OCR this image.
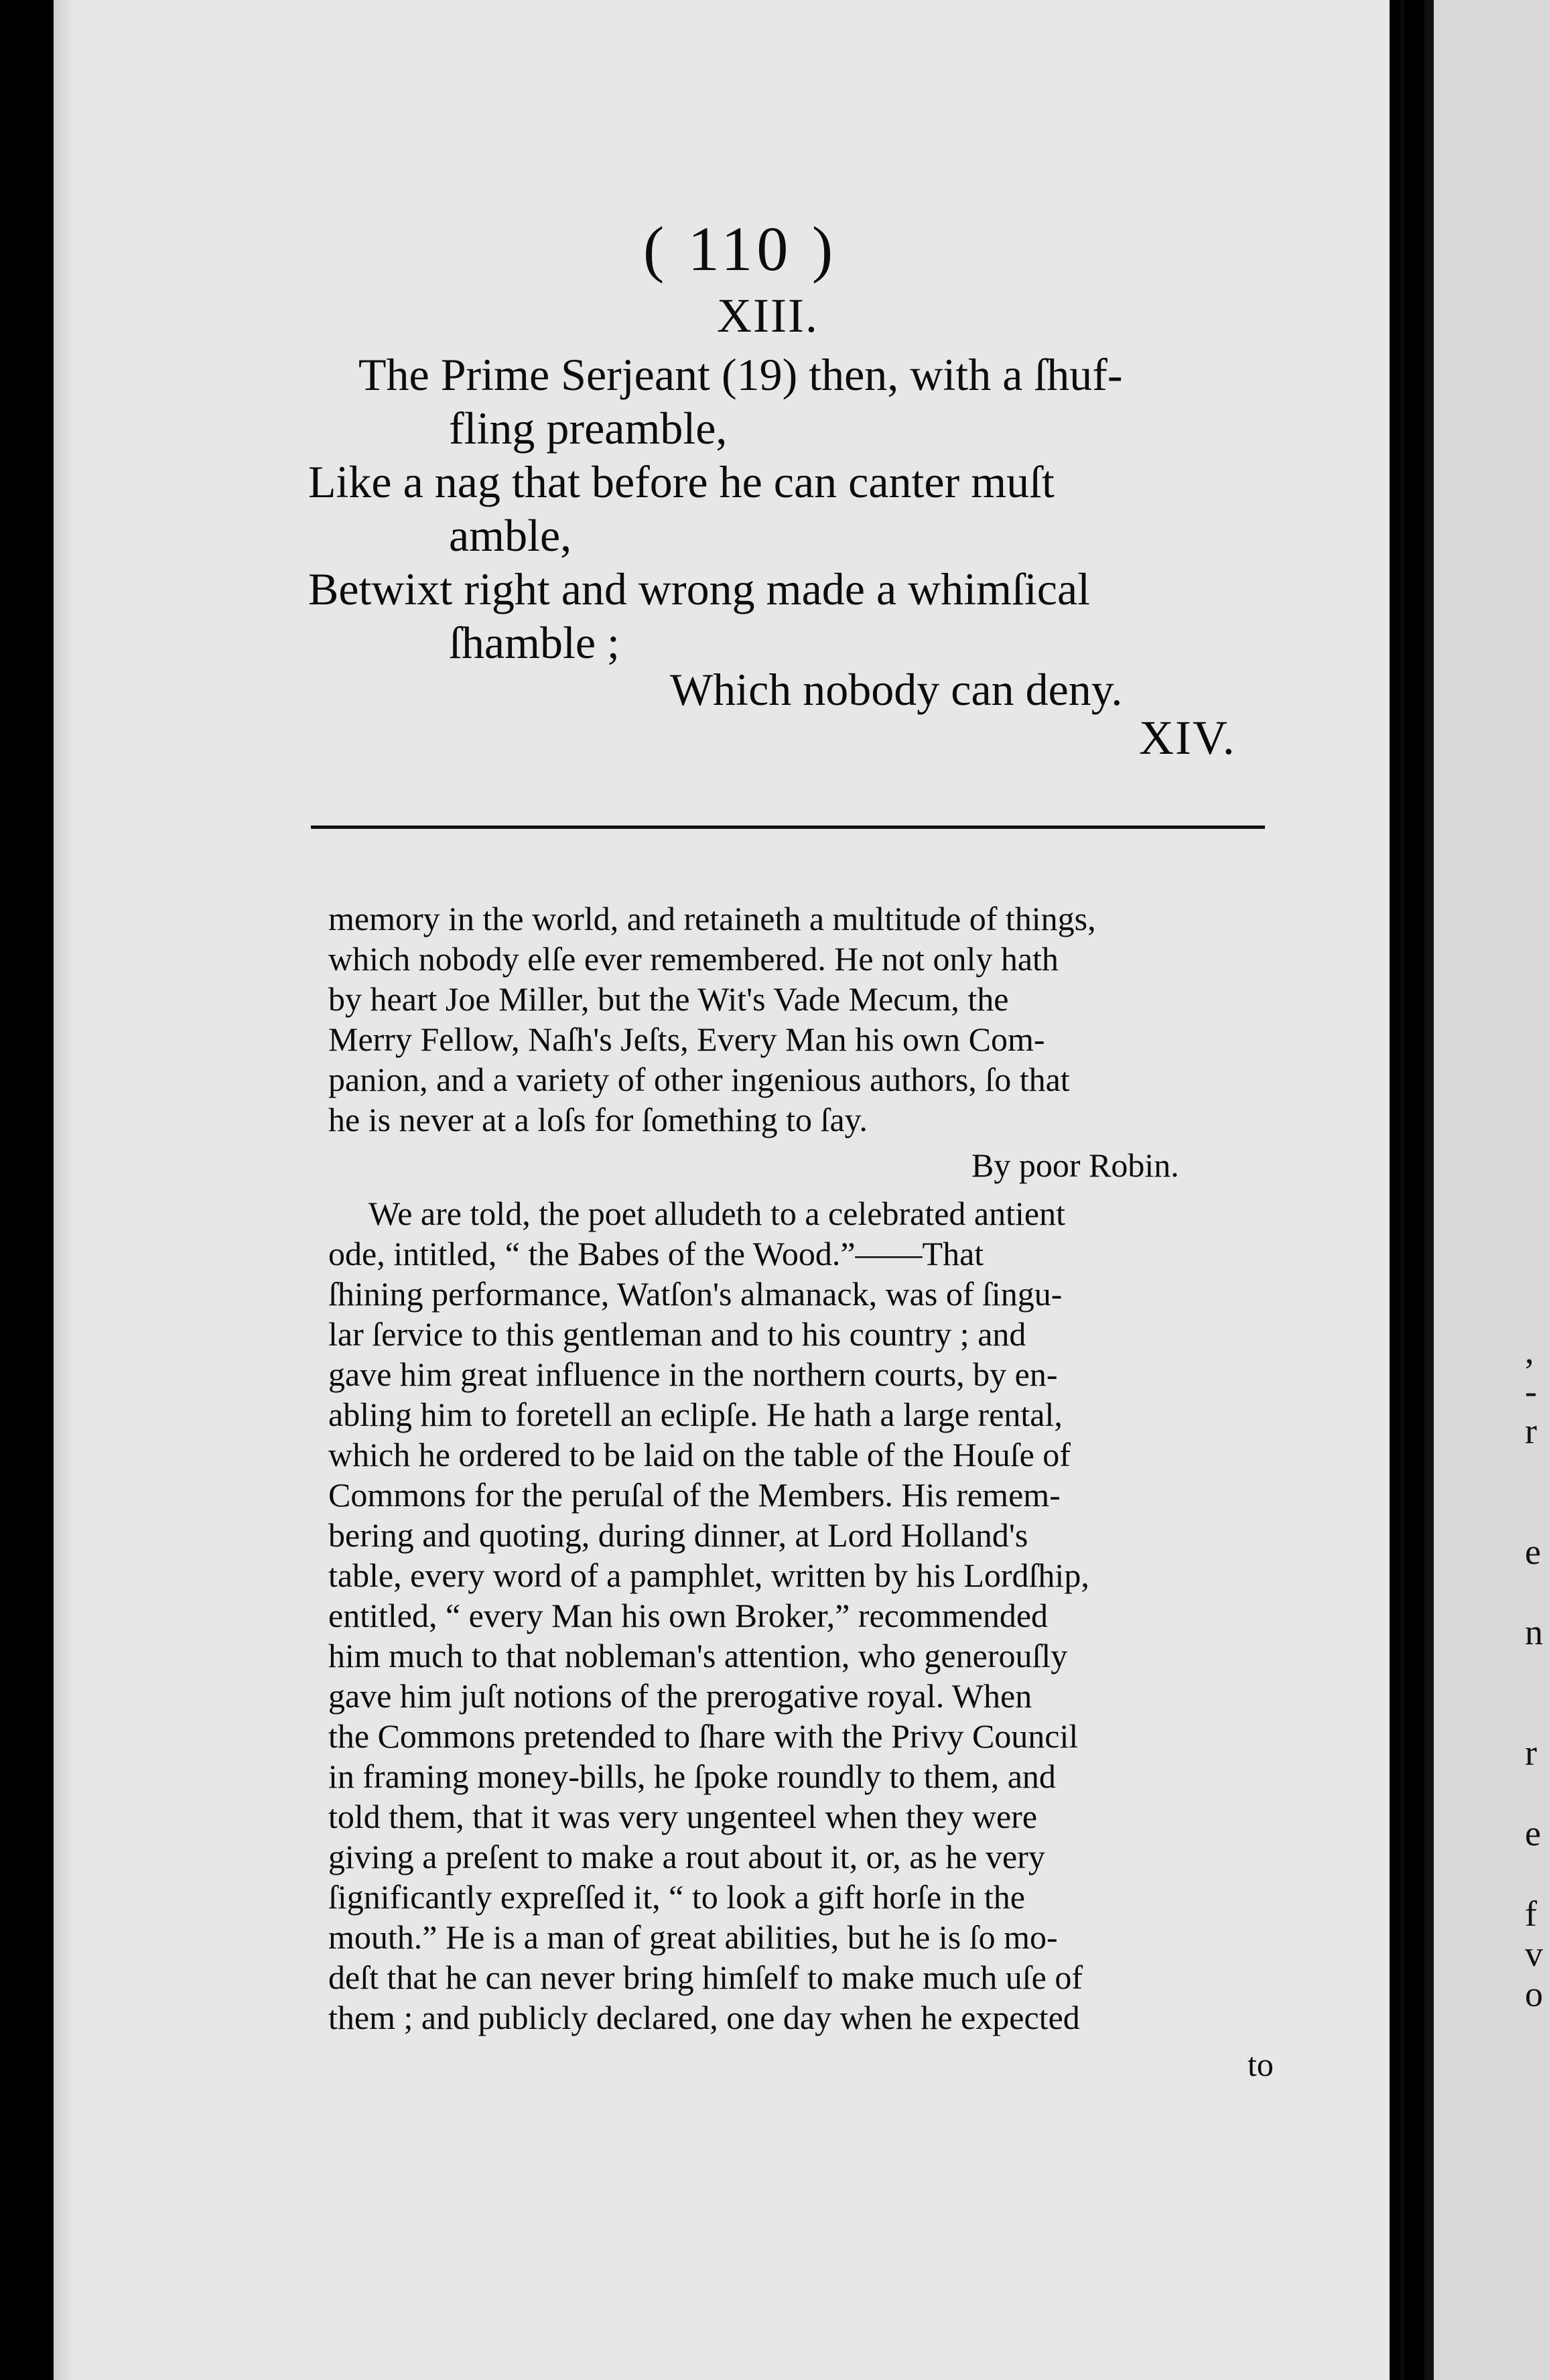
,
-
r
e
n
r
e
f
v
o
( 110 )
XIII.
The Prime Serjeant (19) then, with a ſhuf-
fling preamble,
Like a nag that before he can canter muſt
amble,
Betwixt right and wrong made a whimſical
ſhamble ;
Which nobody can deny.
XIV.
memory in the world, and retaineth a multitude of things,
which nobody elſe ever remembered. He not only hath
by heart Joe Miller, but the Wit's Vade Mecum, the
Merry Fellow, Naſh's Jeſts, Every Man his own Com-
panion, and a variety of other ingenious authors, ſo that
he is never at a loſs for ſomething to ſay.
By poor Robin.
We are told, the poet alludeth to a celebrated antient
ode, intitled, “ the Babes of the Wood.”——That
ſhining performance, Watſon's almanack, was of ſingu-
lar ſervice to this gentleman and to his country ; and
gave him great influence in the northern courts, by en-
abling him to foretell an eclipſe. He hath a large rental,
which he ordered to be laid on the table of the Houſe of
Commons for the peruſal of the Members. His remem-
bering and quoting, during dinner, at Lord Holland's
table, every word of a pamphlet, written by his Lordſhip,
entitled, “ every Man his own Broker,” recommended
him much to that nobleman's attention, who generouſly
gave him juſt notions of the prerogative royal. When
the Commons pretended to ſhare with the Privy Council
in framing money-bills, he ſpoke roundly to them, and
told them, that it was very ungenteel when they were
giving a preſent to make a rout about it, or, as he very
ſignificantly expreſſed it, “ to look a gift horſe in the
mouth.” He is a man of great abilities, but he is ſo mo-
deſt that he can never bring himſelf to make much uſe of
them ; and publicly declared, one day when he expected
to
